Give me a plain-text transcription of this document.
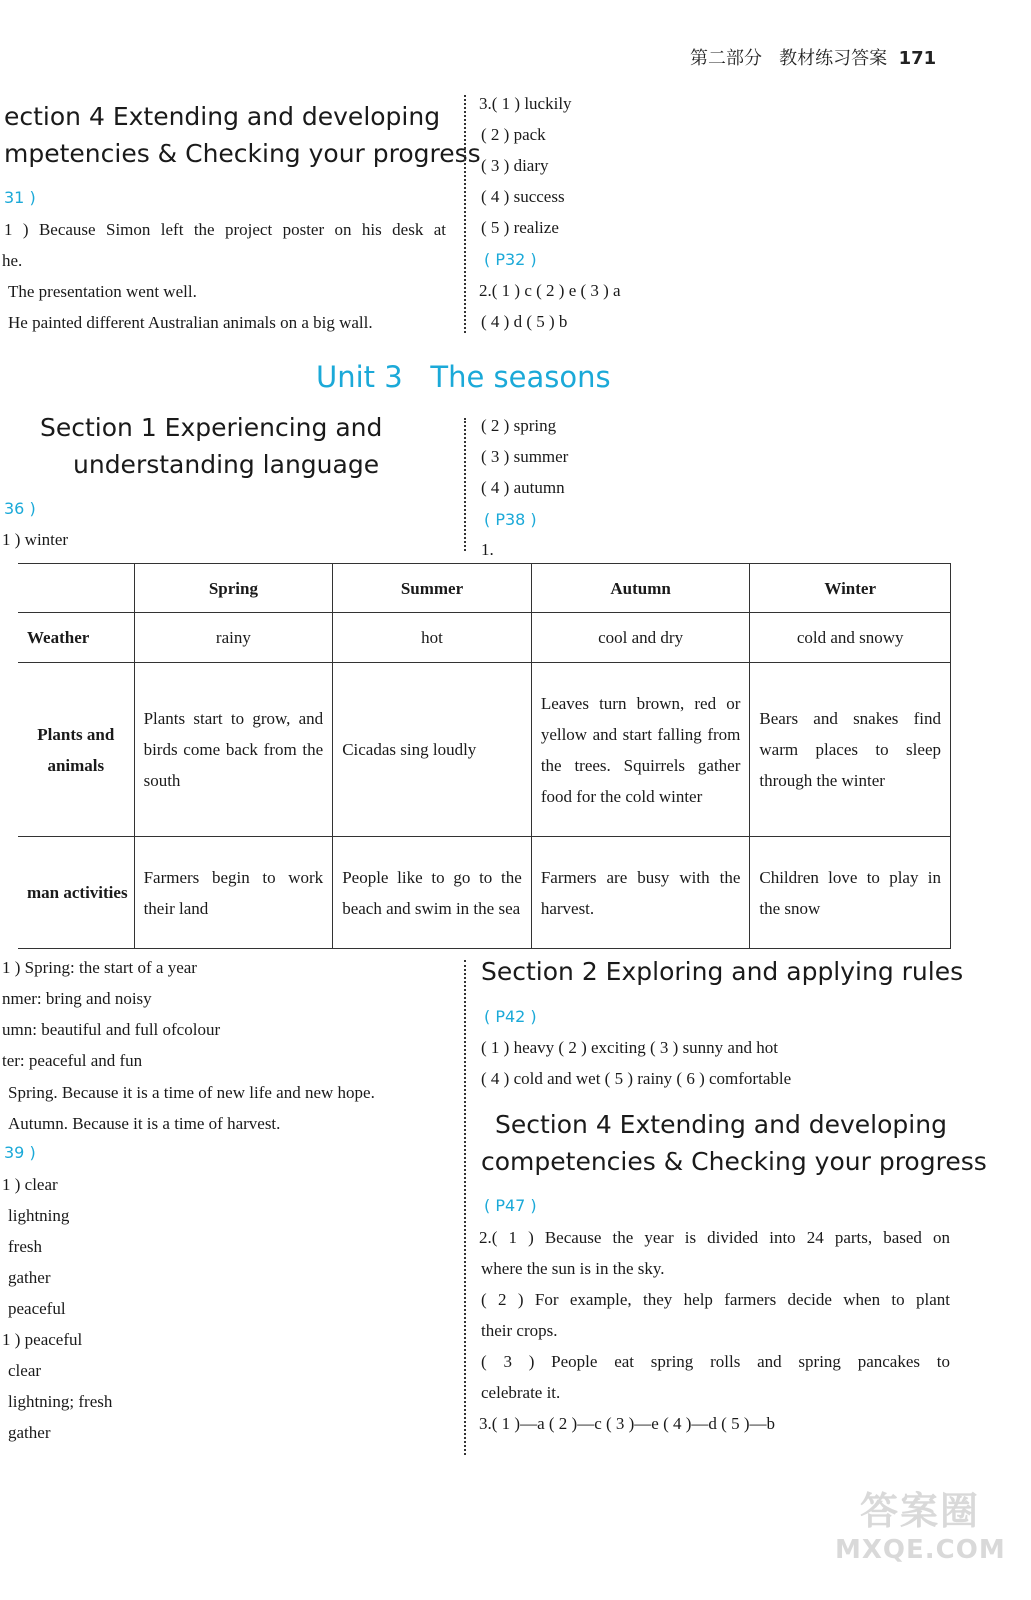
第二部分 教材练习答案 171
ection 4 Extending and developing
mpetencies & Checking your progress
31 )
1 ) Because Simon left the project poster on his desk at
he.
The presentation went well.
He painted different Australian animals on a big wall.
3.( 1 ) luckily
( 2 ) pack
( 3 ) diary
( 4 ) success
( 5 ) realize
( P32 )
2.( 1 ) c ( 2 ) e ( 3 ) a
( 4 ) d ( 5 ) b
Unit 3 The seasons
Section 1 Experiencing and
understanding language
36 )
1 ) winter
( 2 ) spring
( 3 ) summer
( 4 ) autumn
( P38 )
1.
	Spring	Summer	Autumn	Winter
Weather	rainy	hot	cool and dry	cold and snowy
Plants and animals	Plants start to grow, and birds come back from the south	Cicadas sing loudly	Leaves turn brown, red or yellow and start falling from the trees. Squirrels gather food for the cold winter	Bears and snakes find warm places to sleep through the winter
man activities	Farmers begin to work their land	People like to go to the beach and swim in the sea	Farmers are busy with the harvest.	Children love to play in the snow
1 ) Spring: the start of a year
nmer: bring and noisy
umn: beautiful and full ofcolour
ter: peaceful and fun
Spring. Because it is a time of new life and new hope.
Autumn. Because it is a time of harvest.
39 )
1 ) clear
lightning
fresh
gather
peaceful
1 ) peaceful
clear
lightning; fresh
gather
Section 2 Exploring and applying rules
( P42 )
( 1 ) heavy ( 2 ) exciting ( 3 ) sunny and hot
( 4 ) cold and wet ( 5 ) rainy ( 6 ) comfortable
Section 4 Extending and developing
competencies & Checking your progress
( P47 )
2.( 1 ) Because the year is divided into 24 parts, based on
where the sun is in the sky.
( 2 ) For example, they help farmers decide when to plant
their crops.
( 3 ) People eat spring rolls and spring pancakes to
celebrate it.
3.( 1 )—a ( 2 )—c ( 3 )—e ( 4 )—d ( 5 )—b
答案圈
MXQE.COM
